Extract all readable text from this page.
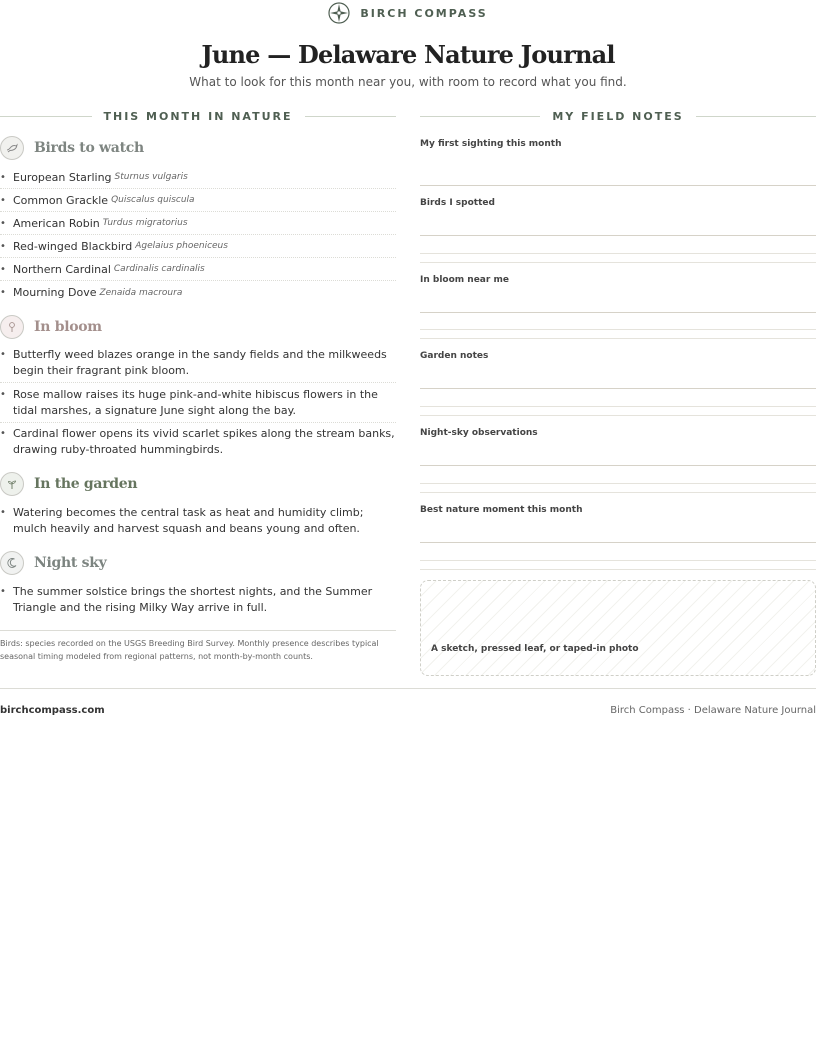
BIRCH COMPASS
June — Delaware Nature Journal
What to look for this month near you, with room to record what you find.
THIS MONTH IN NATURE	MY FIELD NOTES
Birds to watch
• European Starling Sturnus vulgaris
• Common Grackle Quiscalus quiscula
• American Robin Turdus migratorius
• Red-winged Blackbird Agelaius phoeniceus
• Northern Cardinal Cardinalis cardinalis
• Mourning Dove Zenaida macroura
In bloom
• Butterfly weed blazes orange in the sandy fields and the milkweeds begin their fragrant pink bloom.
• Rose mallow raises its huge pink-and-white hibiscus flowers in the tidal marshes, a signature June sight along the bay.
• Cardinal flower opens its vivid scarlet spikes along the stream banks, drawing ruby-throated hummingbirds.
In the garden
• Watering becomes the central task as heat and humidity climb; mulch heavily and harvest squash and beans young and often.
Night sky
• The summer solstice brings the shortest nights, and the Summer Triangle and the rising Milky Way arrive in full.
Birds: species recorded on the USGS Breeding Bird Survey. Monthly presence describes typical seasonal timing modeled from regional patterns, not month-by-month counts.
My first sighting this month
Birds I spotted
In bloom near me
Garden notes
Night-sky observations
Best nature moment this month
A sketch, pressed leaf, or taped-in photo
birchcompass.com	Birch Compass · Delaware Nature Journal
